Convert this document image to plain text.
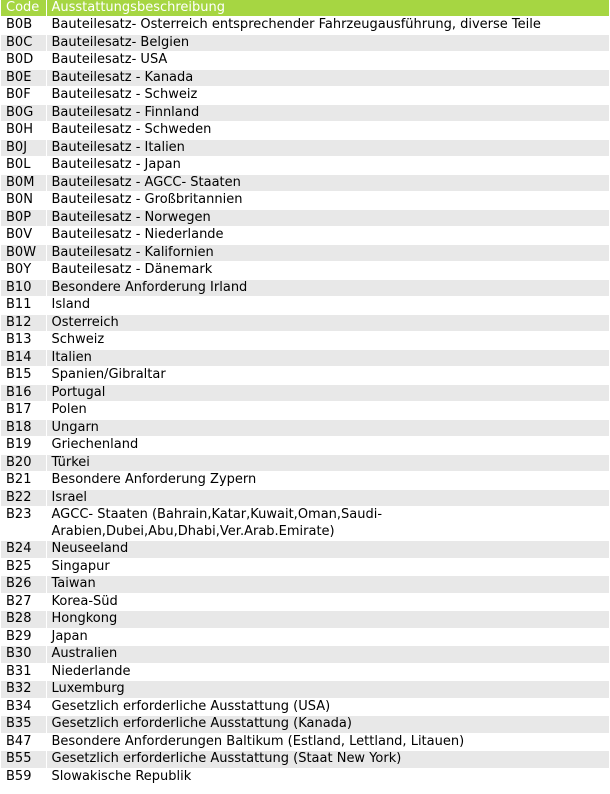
Code	Ausstattungsbeschreibung
B0B	Bauteilesatz- Österreich entsprechender Fahrzeugausführung, diverse Teile
B0C	Bauteilesatz- Belgien
B0D	Bauteilesatz- USA
B0E	Bauteilesatz - Kanada
B0F	Bauteilesatz - Schweiz
B0G	Bauteilesatz - Finnland
B0H	Bauteilesatz - Schweden
B0J	Bauteilesatz - Italien
B0L	Bauteilesatz - Japan
B0M	Bauteilesatz - AGCC- Staaten
B0N	Bauteilesatz - Großbritannien
B0P	Bauteilesatz - Norwegen
B0V	Bauteilesatz - Niederlande
B0W	Bauteilesatz - Kalifornien
B0Y	Bauteilesatz - Dänemark
B10	Besondere Anforderung Irland
B11	Island
B12	Österreich
B13	Schweiz
B14	Italien
B15	Spanien/Gibraltar
B16	Portugal
B17	Polen
B18	Ungarn
B19	Griechenland
B20	Türkei
B21	Besondere Anforderung Zypern
B22	Israel
B23	AGCC- Staaten (Bahrain,Katar,Kuwait,Oman,Saudi-Arabien,Dubei,Abu,Dhabi,Ver.Arab.Emirate)
B24	Neuseeland
B25	Singapur
B26	Taiwan
B27	Korea-Süd
B28	Hongkong
B29	Japan
B30	Australien
B31	Niederlande
B32	Luxemburg
B34	Gesetzlich erforderliche Ausstattung (USA)
B35	Gesetzlich erforderliche Ausstattung (Kanada)
B47	Besondere Anforderungen Baltikum (Estland, Lettland, Litauen)
B55	Gesetzlich erforderliche Ausstattung (Staat New York)
B59	Slowakische Republik
